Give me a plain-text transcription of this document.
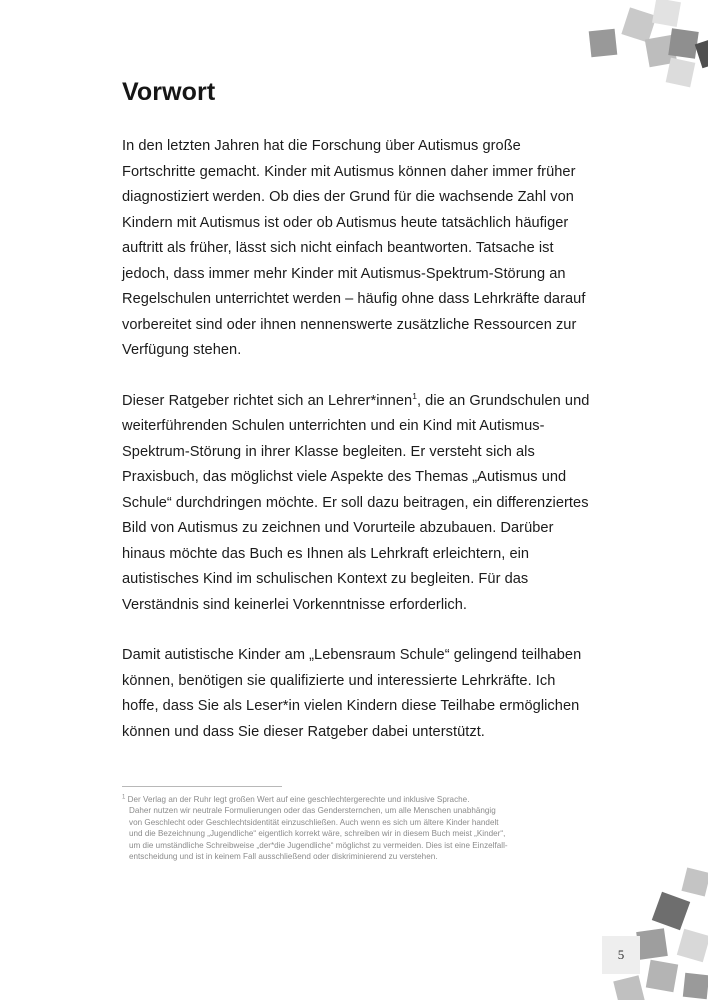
Vorwort

In den letzten Jahren hat die Forschung über Autismus große Fortschritte gemacht. Kinder mit Autismus können daher immer früher diagnostiziert werden. Ob dies der Grund für die wachsende Zahl von Kindern mit Autismus ist oder ob Autismus heute tatsächlich häufiger auftritt als früher, lässt sich nicht einfach beantworten. Tatsache ist jedoch, dass immer mehr Kinder mit Autismus-Spektrum-Störung an Regelschulen unterrichtet werden – häufig ohne dass Lehrkräfte darauf vorbereitet sind oder ihnen nennenswerte zusätzliche Ressourcen zur Verfügung stehen.

Dieser Ratgeber richtet sich an Lehrer*innen$^1$, die an Grundschulen und weiterführenden Schulen unterrichten und ein Kind mit Autismus-Spektrum-Störung in ihrer Klasse begleiten. Er versteht sich als Praxisbuch, das möglichst viele Aspekte des Themas „Autismus und Schule“ durchdringen möchte. Er soll dazu beitragen, ein differenziertes Bild von Autismus zu zeichnen und Vorurteile abzubauen. Darüber hinaus möchte das Buch es Ihnen als Lehrkraft erleichtern, ein autistisches Kind im schulischen Kontext zu begleiten. Für das Verständnis sind keinerlei Vorkenntnisse erforderlich.

Damit autistische Kinder am „Lebensraum Schule“ gelingend teilhaben können, benötigen sie qualifizierte und interessierte Lehrkräfte. Ich hoffe, dass Sie als Leser*in vielen Kindern diese Teilhabe ermöglichen können und dass Sie dieser Ratgeber dabei unterstützt.

$^1$ Der Verlag an der Ruhr legt großen Wert auf eine geschlechtergerechte und inklusive Sprache.
Daher nutzen wir neutrale Formulierungen oder das Gendersternchen, um alle Menschen unabhängig
von Geschlecht oder Geschlechtsidentität einzuschließen. Auch wenn es sich um ältere Kinder handelt
und die Bezeichnung „Jugendliche“ eigentlich korrekt wäre, schreiben wir in diesem Buch meist „Kinder“,
um die umständliche Schreibweise „der*die Jugendliche“ möglichst zu vermeiden. Dies ist eine Einzelfall-
entscheidung und ist in keinem Fall ausschließend oder diskriminierend zu verstehen.
5
